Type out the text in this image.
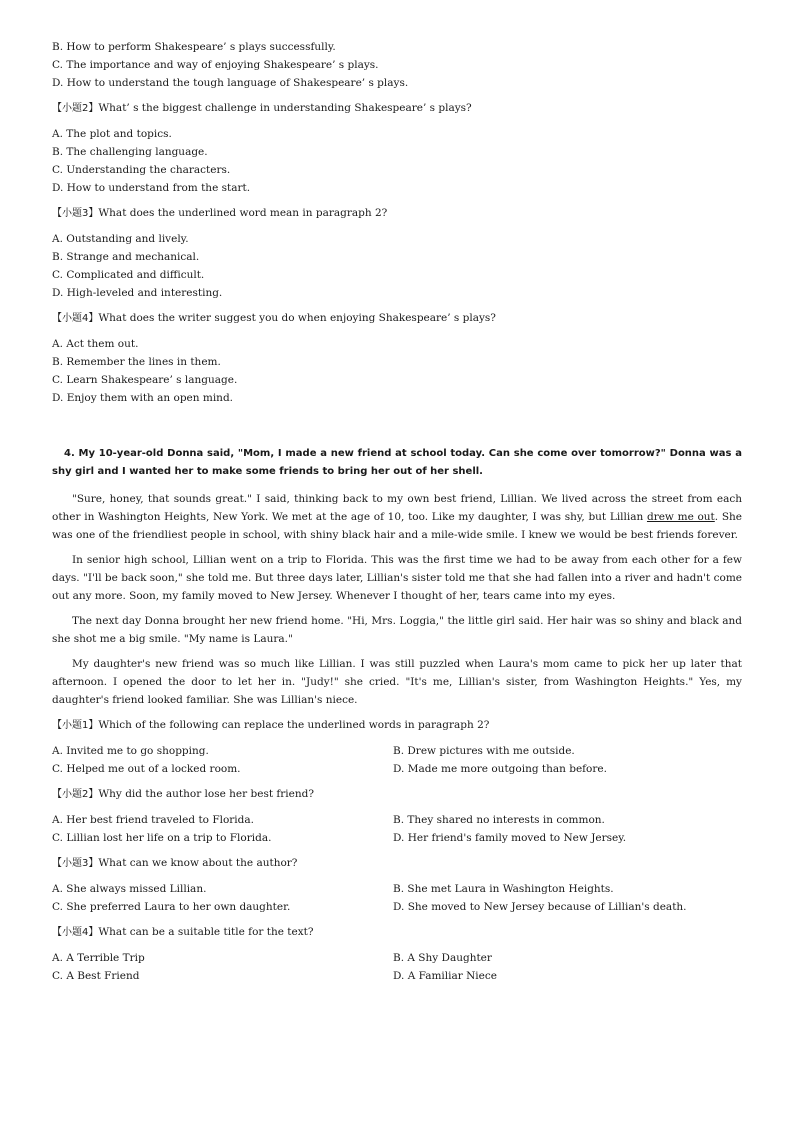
B. How to perform Shakespeare’ s plays successfully.
C. The importance and way of enjoying Shakespeare’ s plays.
D. How to understand the tough language of Shakespeare’ s plays.
【小题2】What’ s the biggest challenge in understanding Shakespeare’ s plays?
A. The plot and topics.
B. The challenging language.
C. Understanding the characters.
D. How to understand from the start.
【小题3】What does the underlined word mean in paragraph 2?
A. Outstanding and lively.
B. Strange and mechanical.
C. Complicated and difficult.
D. High-leveled and interesting.
【小题4】What does the writer suggest you do when enjoying Shakespeare’ s plays?
A. Act them out.
B. Remember the lines in them.
C. Learn Shakespeare’ s language.
D. Enjoy them with an open mind.
4. My 10-year-old Donna said, "Mom, I made a new friend at school today. Can she come over tomorrow?" Donna was a shy girl and I wanted her to make some friends to bring her out of her shell.
"Sure, honey, that sounds great." I said, thinking back to my own best friend, Lillian. We lived across the street from each other in Washington Heights, New York. We met at the age of 10, too. Like my daughter, I was shy, but Lillian drew me out. She was one of the friendliest people in school, with shiny black hair and a mile-wide smile. I knew we would be best friends forever.
In senior high school, Lillian went on a trip to Florida. This was the first time we had to be away from each other for a few days. "I'll be back soon," she told me. But three days later, Lillian's sister told me that she had fallen into a river and hadn't come out any more. Soon, my family moved to New Jersey. Whenever I thought of her, tears came into my eyes.
The next day Donna brought her new friend home. "Hi, Mrs. Loggia," the little girl said. Her hair was so shiny and black and she shot me a big smile. "My name is Laura."
My daughter's new friend was so much like Lillian. I was still puzzled when Laura's mom came to pick her up later that afternoon. I opened the door to let her in. "Judy!" she cried. "It's me, Lillian's sister, from Washington Heights." Yes, my daughter's friend looked familiar. She was Lillian's niece.
【小题1】Which of the following can replace the underlined words in paragraph 2?
A. Invited me to go shopping.	B. Drew pictures with me outside.
C. Helped me out of a locked room.	D. Made me more outgoing than before.
【小题2】Why did the author lose her best friend?
A. Her best friend traveled to Florida.	B. They shared no interests in common.
C. Lillian lost her life on a trip to Florida.	D. Her friend's family moved to New Jersey.
【小题3】What can we know about the author?
A. She always missed Lillian.	B. She met Laura in Washington Heights.
C. She preferred Laura to her own daughter.	D. She moved to New Jersey because of Lillian's death.
【小题4】What can be a suitable title for the text?
A. A Terrible Trip	B. A Shy Daughter
C. A Best Friend	D. A Familiar Niece
